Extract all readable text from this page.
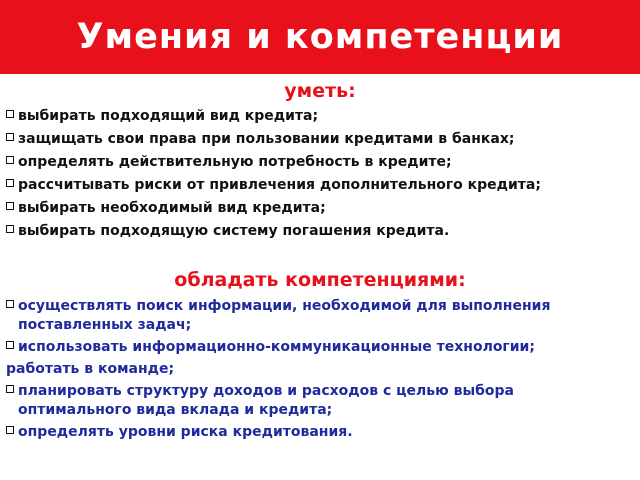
Умения и компетенции
уметь:
выбирать подходящий вид кредита;
защищать свои права при пользовании кредитами в банках;
определять действительную потребность в кредите;
рассчитывать риски от привлечения дополнительного кредита;
выбирать необходимый вид кредита;
выбирать подходящую систему погашения кредита.
обладать компетенциями:
осуществлять поиск информации, необходимой для выполнения поставленных задач;
использовать информационно-коммуникационные технологии;
работать в команде;
планировать структуру доходов и расходов с целью выбора оптимального вида вклада и кредита;
определять уровни риска кредитования.
